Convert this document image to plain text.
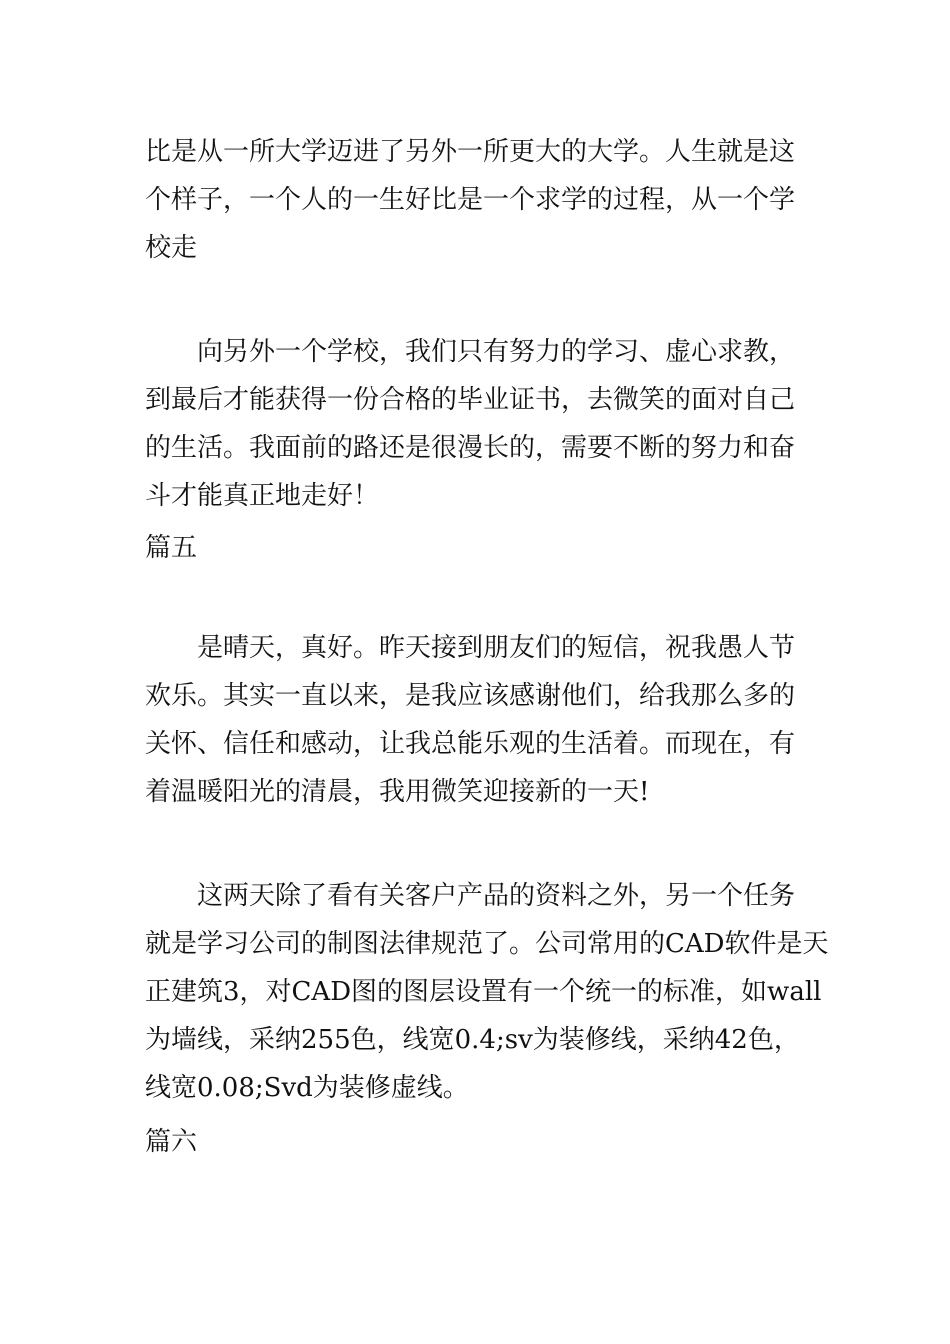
比是从一所大学迈进了另外一所更大的大学。人生就是这
个样子，一个人的一生好比是一个求学的过程，从一个学
校走
向另外一个学校，我们只有努力的学习、虚心求教，
到最后才能获得一份合格的毕业证书，去微笑的面对自己
的生活。我面前的路还是很漫长的，需要不断的努力和奋
斗才能真正地走好！
篇五
是晴天，真好。昨天接到朋友们的短信，祝我愚人节
欢乐。其实一直以来，是我应该感谢他们，给我那么多的
关怀、信任和感动，让我总能乐观的生活着。而现在，有
着温暖阳光的清晨，我用微笑迎接新的一天!
这两天除了看有关客户产品的资料之外，另一个任务
就是学习公司的制图法律规范了。公司常用的CAD软件是天
正建筑3，对CAD图的图层设置有一个统一的标准，如wall
为墙线，采纳255色，线宽0.4;sv为装修线，采纳42色，
线宽0.08;Svd为装修虚线。
篇六
